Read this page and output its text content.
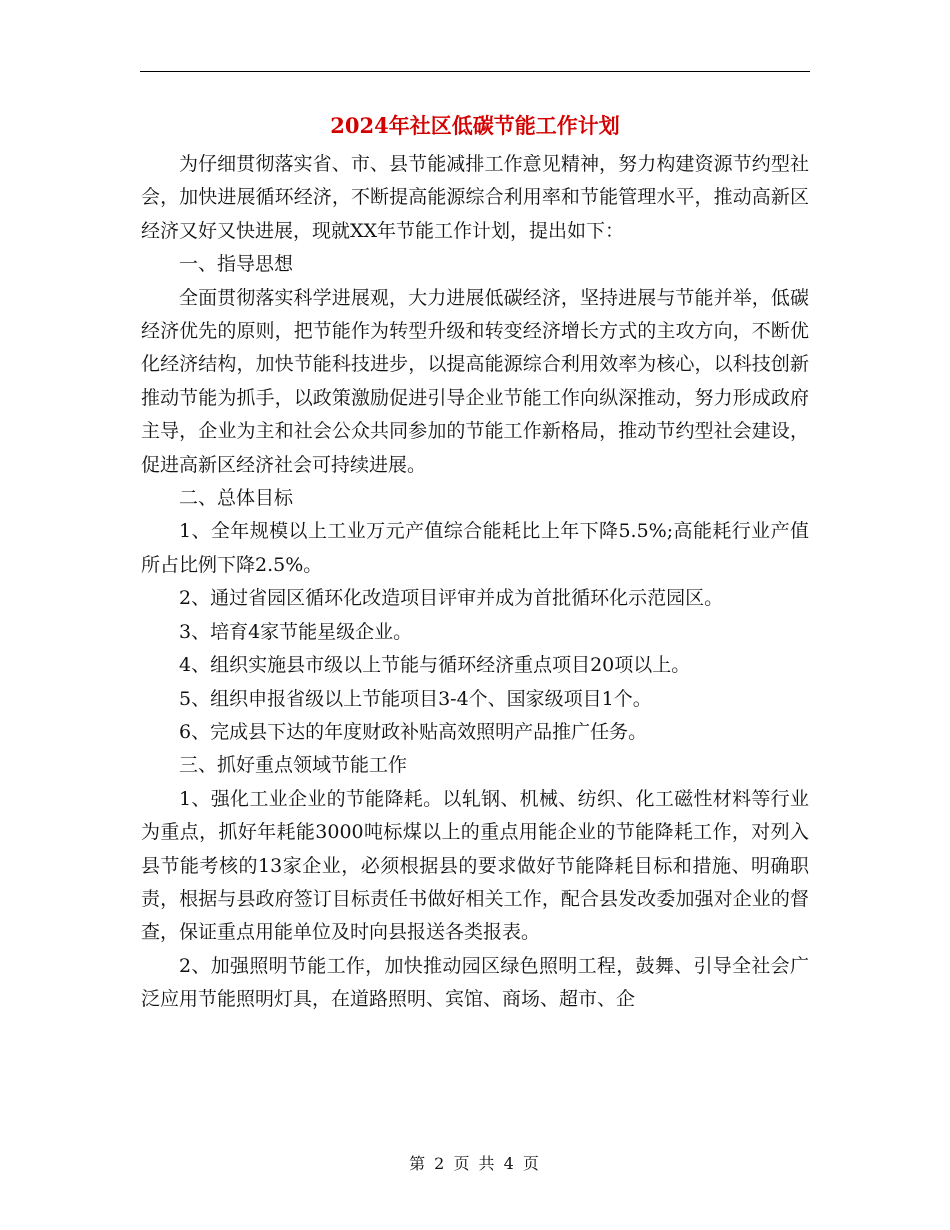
2024年社区低碳节能工作计划

为仔细贯彻落实省、市、县节能减排工作意见精神，努力构建资源节约型社会，加快进展循环经济，不断提高能源综合利用率和节能管理水平，推动高新区经济又好又快进展，现就XX年节能工作计划，提出如下：

一、指导思想

全面贯彻落实科学进展观，大力进展低碳经济，坚持进展与节能并举，低碳经济优先的原则，把节能作为转型升级和转变经济增长方式的主攻方向，不断优化经济结构，加快节能科技进步，以提高能源综合利用效率为核心，以科技创新推动节能为抓手，以政策激励促进引导企业节能工作向纵深推动，努力形成政府主导，企业为主和社会公众共同参加的节能工作新格局，推动节约型社会建设，促进高新区经济社会可持续进展。

二、总体目标

1、全年规模以上工业万元产值综合能耗比上年下降5.5%;高能耗行业产值所占比例下降2.5%。

2、通过省园区循环化改造项目评审并成为首批循环化示范园区。

3、培育4家节能星级企业。

4、组织实施县市级以上节能与循环经济重点项目20项以上。

5、组织申报省级以上节能项目3-4个、国家级项目1个。

6、完成县下达的年度财政补贴高效照明产品推广任务。

三、抓好重点领域节能工作

1、强化工业企业的节能降耗。以轧钢、机械、纺织、化工磁性材料等行业为重点，抓好年耗能3000吨标煤以上的重点用能企业的节能降耗工作，对列入县节能考核的13家企业，必须根据县的要求做好节能降耗目标和措施、明确职责，根据与县政府签订目标责任书做好相关工作，配合县发改委加强对企业的督查，保证重点用能单位及时向县报送各类报表。

2、加强照明节能工作，加快推动园区绿色照明工程，鼓舞、引导全社会广泛应用节能照明灯具，在道路照明、宾馆、商场、超市、企

第 2 页 共 4 页
